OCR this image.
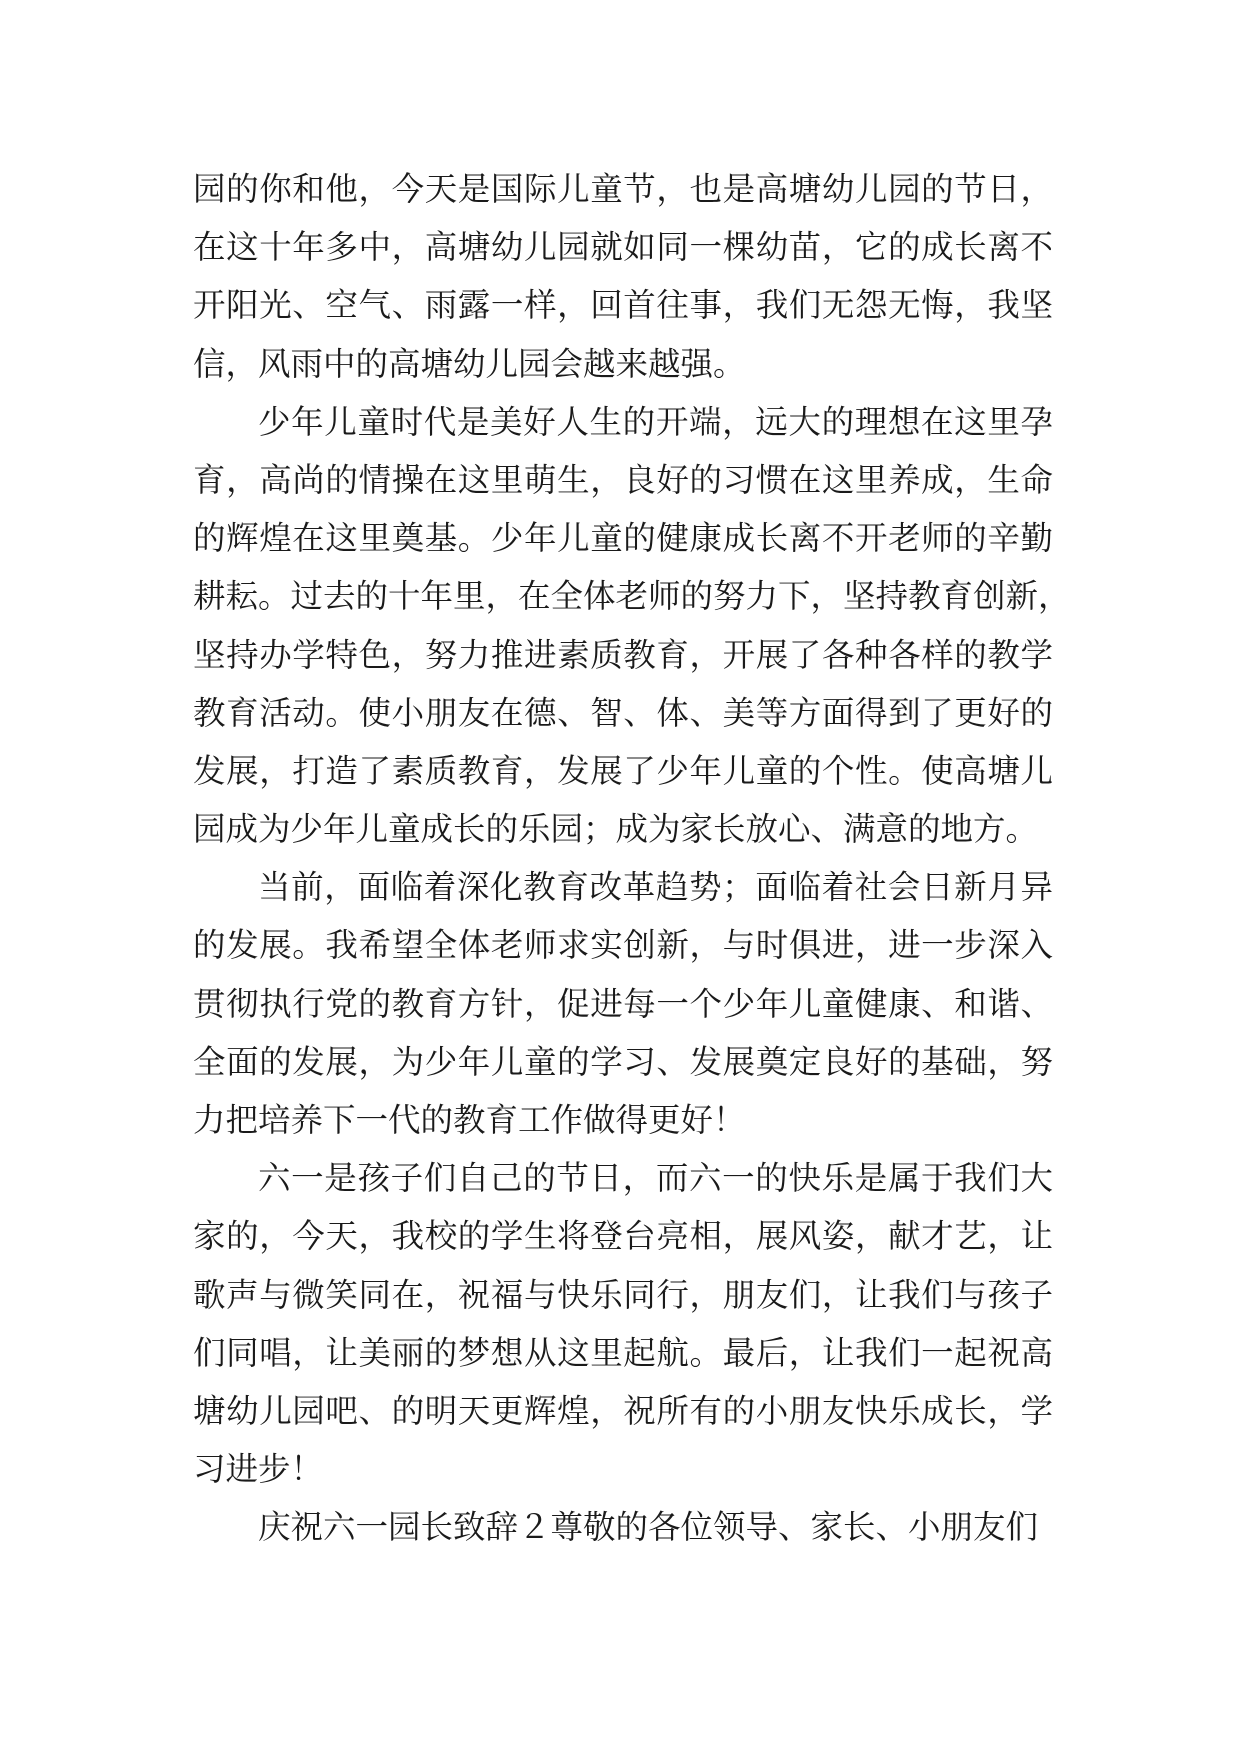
园的你和他，今天是国际儿童节，也是高塘幼儿园的节日，
在这十年多中，高塘幼儿园就如同一棵幼苗，它的成长离不
开阳光、空气、雨露一样，回首往事，我们无怨无悔，我坚
信，风雨中的高塘幼儿园会越来越强。
少年儿童时代是美好人生的开端，远大的理想在这里孕
育，高尚的情操在这里萌生，良好的习惯在这里养成，生命
的辉煌在这里奠基。少年儿童的健康成长离不开老师的辛勤
耕耘。过去的十年里，在全体老师的努力下，坚持教育创新，
坚持办学特色，努力推进素质教育，开展了各种各样的教学
教育活动。使小朋友在德、智、体、美等方面得到了更好的
发展，打造了素质教育，发展了少年儿童的个性。使高塘儿
园成为少年儿童成长的乐园；成为家长放心、满意的地方。
当前，面临着深化教育改革趋势；面临着社会日新月异
的发展。我希望全体老师求实创新，与时俱进，进一步深入
贯彻执行党的教育方针，促进每一个少年儿童健康、和谐、
全面的发展，为少年儿童的学习、发展奠定良好的基础，努
力把培养下一代的教育工作做得更好！
六一是孩子们自己的节日，而六一的快乐是属于我们大
家的，今天，我校的学生将登台亮相，展风姿，献才艺，让
歌声与微笑同在，祝福与快乐同行，朋友们，让我们与孩子
们同唱，让美丽的梦想从这里起航。最后，让我们一起祝高
塘幼儿园吧、的明天更辉煌，祝所有的小朋友快乐成长，学
习进步！
庆祝六一园长致辞２尊敬的各位领导、家长、小朋友们
